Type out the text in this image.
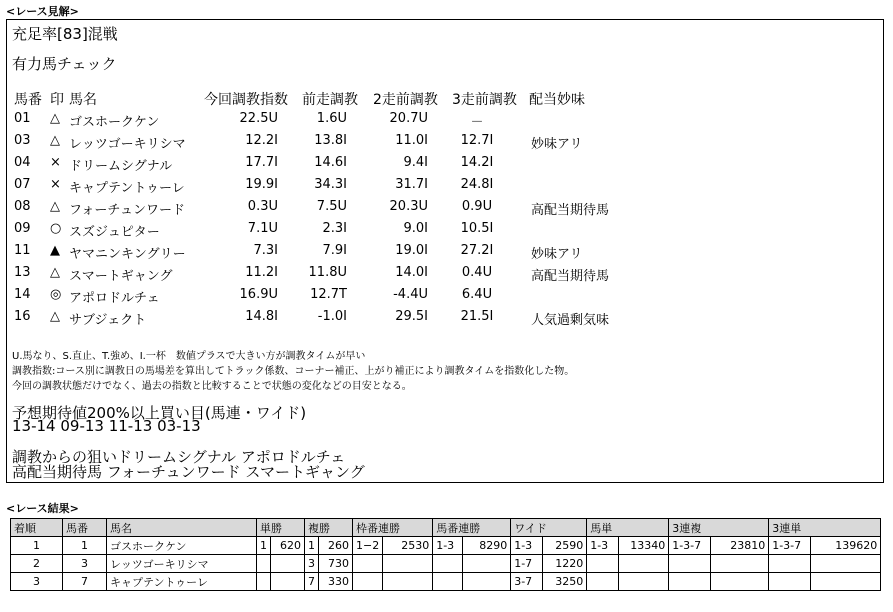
<レース見解>
充足率[83]混戦
有力馬チェック
馬番 印 馬名	今回調教指数 前走調教 2走前調教 3走前調教 配当妙味
01	△ ゴスホークケン	22.5U	1.6U	20.7U	－
03	△ レッツゴーキリシマ	12.2I	13.8I	11.0I	12.7I	妙味アリ
04	× ドリームシグナル	17.7I	14.6I	9.4I	14.2I
07	× キャプテントゥーレ	19.9I	34.3I	31.7I	24.8I
08	△ フォーチュンワード	0.3U	7.5U	20.3U	0.9U	高配当期待馬
09	○ スズジュピター	7.1U	2.3I	9.0I	10.5I
11	▲ ヤマニンキングリー	7.3I	7.9I	19.0I	27.2I	妙味アリ
13	△ スマートギャング	11.2I	11.8U	14.0I	0.4U	高配当期待馬
14	◎ アポロドルチェ	16.9U	12.7T	-4.4U	6.4U
16	△ サブジェクト	14.8I	-1.0I	29.5I	21.5I	人気過剰気味
U.馬なり、S.直止、T.強め、I.一杯　数値プラスで大きい方が調教タイムが早い
調教指数:コース別に調教日の馬場差を算出してトラック係数、コーナー補正、上がり補正により調教タイムを指数化した物。
今回の調教状態だけでなく、過去の指数と比較することで状態の変化などの目安となる。
予想期待値200%以上買い目(馬連・ワイド)
13-14 09-13 11-13 03-13
調教からの狙いドリームシグナル アポロドルチェ
高配当期待馬 フォーチュンワード スマートギャング
<レース結果>
着順	馬番	馬名	単勝		複勝		枠番連勝		馬番連勝		ワイド		馬単		3連複		3連単	
1	1	ゴスホークケン	1	620	1	260	1−2	2530	1-3	8290	1-3	2590	1-3	13340	1-3-7	23810	1-3-7	139620
2	3	レッツゴーキリシマ			3	730					1-7	1220						
3	7	キャプテントゥーレ			7	330					3-7	3250						
